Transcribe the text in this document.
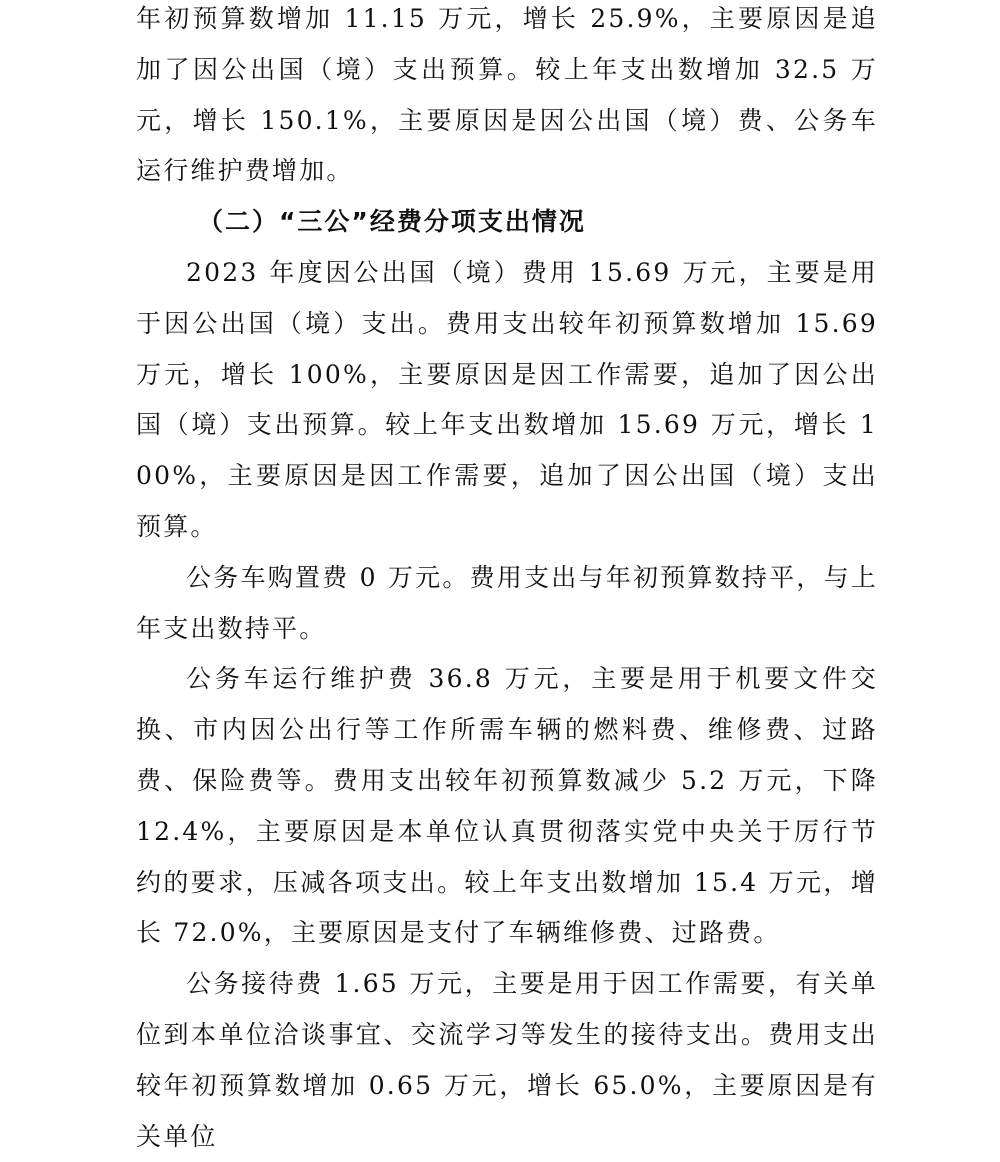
年初预算数增加 11.15 万元，增长 25.9%，主要原因是追加了因公出国（境）支出预算。较上年支出数增加 32.5 万元，增长 150.1%，主要原因是因公出国（境）费、公务车运行维护费增加。

（二）“三公”经费分项支出情况

2023 年度因公出国（境）费用 15.69 万元，主要是用于因公出国（境）支出。费用支出较年初预算数增加 15.69 万元，增长 100%，主要原因是因工作需要，追加了因公出国（境）支出预算。较上年支出数增加 15.69 万元，增长 100%，主要原因是因工作需要，追加了因公出国（境）支出预算。

公务车购置费 0 万元。费用支出与年初预算数持平，与上年支出数持平。

公务车运行维护费 36.8 万元，主要是用于机要文件交换、市内因公出行等工作所需车辆的燃料费、维修费、过路费、保险费等。费用支出较年初预算数减少 5.2 万元，下降 12.4%，主要原因是本单位认真贯彻落实党中央关于厉行节约的要求，压减各项支出。较上年支出数增加 15.4 万元，增长 72.0%，主要原因是支付了车辆维修费、过路费。

公务接待费 1.65 万元，主要是用于因工作需要，有关单位到本单位洽谈事宜、交流学习等发生的接待支出。费用支出较年初预算数增加 0.65 万元，增长 65.0%，主要原因是有关单位
